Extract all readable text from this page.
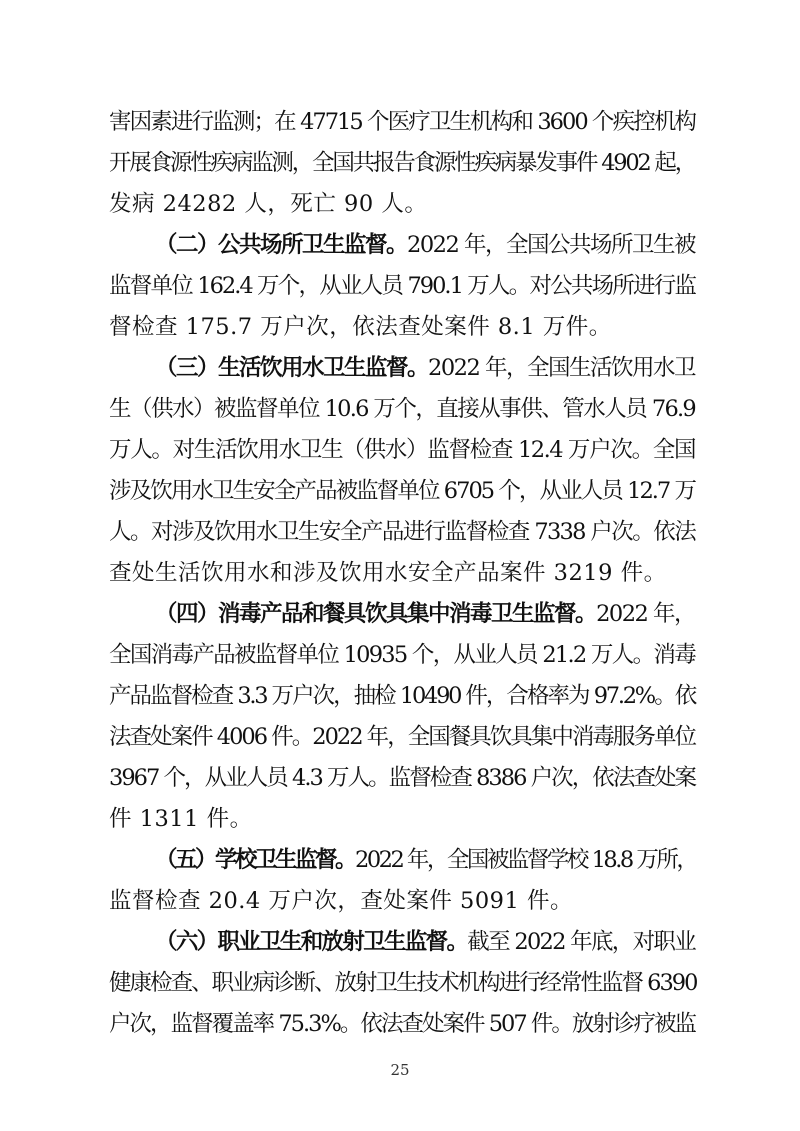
害因素进行监测；在 47715 个医疗卫生机构和 3600 个疾控机构
开展食源性疾病监测，全国共报告食源性疾病暴发事件 4902 起，
发病 24282 人，死亡 90 人。
（二）公共场所卫生监督。2022 年，全国公共场所卫生被
监督单位 162.4 万个，从业人员 790.1 万人。对公共场所进行监
督检查 175.7 万户次，依法查处案件 8.1 万件。
（三）生活饮用水卫生监督。2022 年，全国生活饮用水卫
生（供水）被监督单位 10.6 万个，直接从事供、管水人员 76.9
万人。对生活饮用水卫生（供水）监督检查 12.4 万户次。全国
涉及饮用水卫生安全产品被监督单位 6705 个，从业人员 12.7 万
人。对涉及饮用水卫生安全产品进行监督检查 7338 户次。依法
查处生活饮用水和涉及饮用水安全产品案件 3219 件。
（四）消毒产品和餐具饮具集中消毒卫生监督。2022 年，
全国消毒产品被监督单位 10935 个，从业人员 21.2 万人。消毒
产品监督检查 3.3 万户次，抽检 10490 件，合格率为 97.2%。依
法查处案件 4006 件。2022 年，全国餐具饮具集中消毒服务单位
3967 个，从业人员 4.3 万人。监督检查 8386 户次，依法查处案
件 1311 件。
（五）学校卫生监督。2022 年，全国被监督学校 18.8 万所，
监督检查 20.4 万户次，查处案件 5091 件。
（六）职业卫生和放射卫生监督。截至 2022 年底，对职业
健康检查、职业病诊断、放射卫生技术机构进行经常性监督 6390
户次，监督覆盖率 75.3%。依法查处案件 507 件。放射诊疗被监
25
